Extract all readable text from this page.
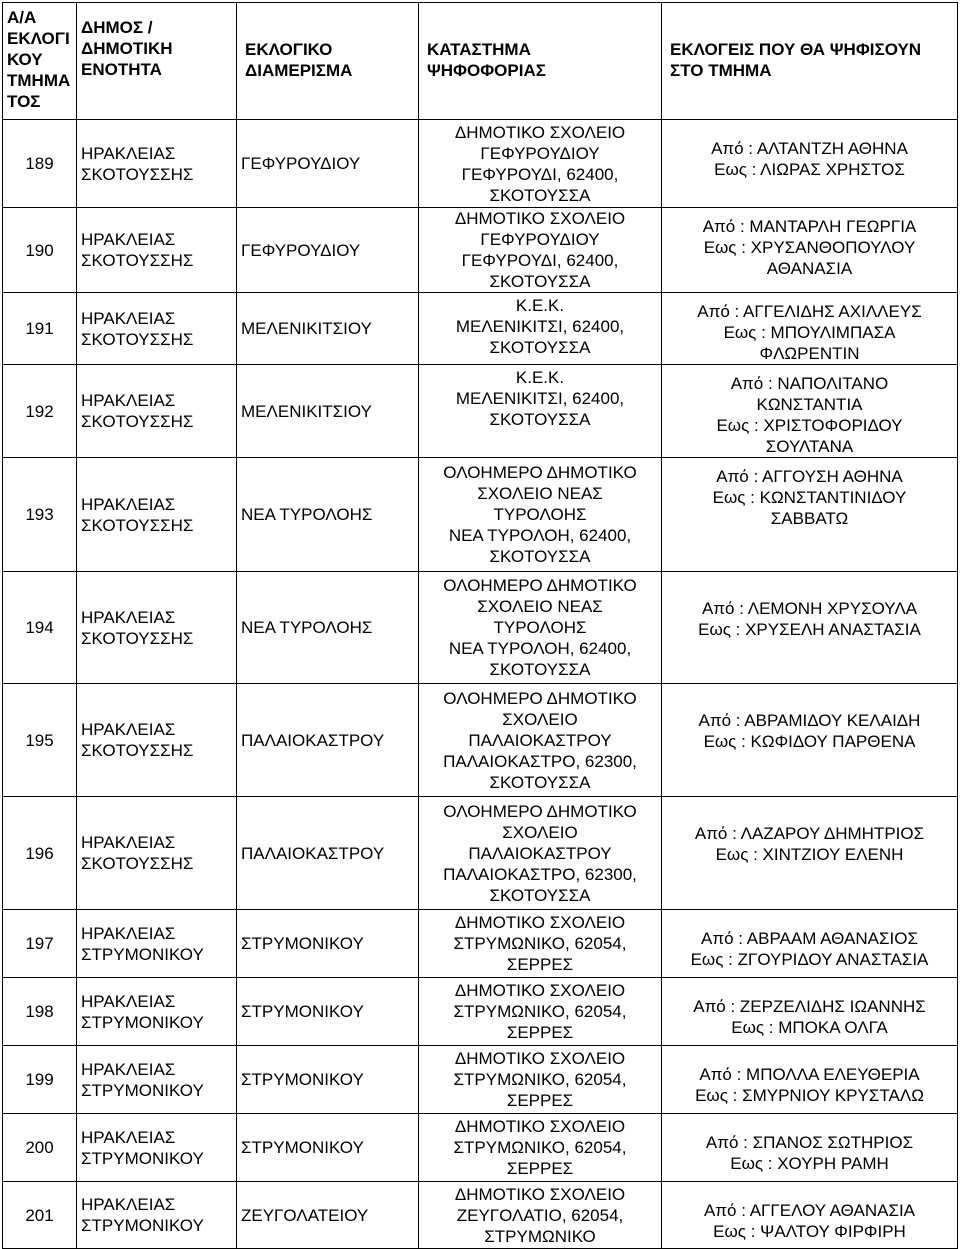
Α/Α
ΕΚΛΟΓΙ
ΚΟΥ
ΤΜΗΜΑ
ΤΟΣ	ΔΗΜΟΣ /
ΔΗΜΟΤΙΚΗ
ΕΝΟΤΗΤΑ	ΕΚΛΟΓΙΚΟ
ΔΙΑΜΕΡΙΣΜΑ	ΚΑΤΑΣΤΗΜΑ
ΨΗΦΟΦΟΡΙΑΣ	ΕΚΛΟΓΕΙΣ ΠΟΥ ΘΑ ΨΗΦΙΣΟΥΝ
ΣΤΟ ΤΜΗΜΑ

189	ΗΡΑΚΛΕΙΑΣ
ΣΚΟΤΟΥΣΣΗΣ	ΓΕΦΥΡΟΥΔΙΟΥ	ΔΗΜΟΤΙΚΟ ΣΧΟΛΕΙΟ
ΓΕΦΥΡΟΥΔΙΟΥ
ΓΕΦΥΡΟΥΔΙ, 62400,
ΣΚΟΤΟΥΣΣΑ	Από : ΑΛΤΑΝΤΖΗ ΑΘΗΝΑ
Εως : ΛΙΩΡΑΣ ΧΡΗΣΤΟΣ

190	ΗΡΑΚΛΕΙΑΣ
ΣΚΟΤΟΥΣΣΗΣ	ΓΕΦΥΡΟΥΔΙΟΥ	ΔΗΜΟΤΙΚΟ ΣΧΟΛΕΙΟ
ΓΕΦΥΡΟΥΔΙΟΥ
ΓΕΦΥΡΟΥΔΙ, 62400,
ΣΚΟΤΟΥΣΣΑ	Από : ΜΑΝΤΑΡΛΗ ΓΕΩΡΓΙΑ
Εως : ΧΡΥΣΑΝΘΟΠΟΥΛΟΥ
ΑΘΑΝΑΣΙΑ

191	ΗΡΑΚΛΕΙΑΣ
ΣΚΟΤΟΥΣΣΗΣ	ΜΕΛΕΝΙΚΙΤΣΙΟΥ	Κ.Ε.Κ.
ΜΕΛΕΝΙΚΙΤΣΙ, 62400,
ΣΚΟΤΟΥΣΣΑ	Από : ΑΓΓΕΛΙΔΗΣ ΑΧΙΛΛΕΥΣ
Εως : ΜΠΟΥΛΙΜΠΑΣΑ
ΦΛΩΡΕΝΤΙΝ

192	ΗΡΑΚΛΕΙΑΣ
ΣΚΟΤΟΥΣΣΗΣ	ΜΕΛΕΝΙΚΙΤΣΙΟΥ	Κ.Ε.Κ.
ΜΕΛΕΝΙΚΙΤΣΙ, 62400,
ΣΚΟΤΟΥΣΣΑ	Από : ΝΑΠΟΛΙΤΑΝΟ
ΚΩΝΣΤΑΝΤΙΑ
Εως : ΧΡΙΣΤΟΦΟΡΙΔΟΥ
ΣΟΥΛΤΑΝΑ

193	ΗΡΑΚΛΕΙΑΣ
ΣΚΟΤΟΥΣΣΗΣ	ΝΕΑ ΤΥΡΟΛΟΗΣ	ΟΛΟΗΜΕΡΟ ΔΗΜΟΤΙΚΟ
ΣΧΟΛΕΙΟ ΝΕΑΣ
ΤΥΡΟΛΟΗΣ
ΝΕΑ ΤΥΡΟΛΟΗ, 62400,
ΣΚΟΤΟΥΣΣΑ	Από : ΑΓΓΟΥΣΗ ΑΘΗΝΑ
Εως : ΚΩΝΣΤΑΝΤΙΝΙΔΟΥ
ΣΑΒΒΑΤΩ

194	ΗΡΑΚΛΕΙΑΣ
ΣΚΟΤΟΥΣΣΗΣ	ΝΕΑ ΤΥΡΟΛΟΗΣ	ΟΛΟΗΜΕΡΟ ΔΗΜΟΤΙΚΟ
ΣΧΟΛΕΙΟ ΝΕΑΣ
ΤΥΡΟΛΟΗΣ
ΝΕΑ ΤΥΡΟΛΟΗ, 62400,
ΣΚΟΤΟΥΣΣΑ	Από : ΛΕΜΟΝΗ ΧΡΥΣΟΥΛΑ
Εως : ΧΡΥΣΕΛΗ ΑΝΑΣΤΑΣΙΑ

195	ΗΡΑΚΛΕΙΑΣ
ΣΚΟΤΟΥΣΣΗΣ	ΠΑΛΑΙΟΚΑΣΤΡΟΥ	ΟΛΟΗΜΕΡΟ ΔΗΜΟΤΙΚΟ
ΣΧΟΛΕΙΟ
ΠΑΛΑΙΟΚΑΣΤΡΟΥ
ΠΑΛΑΙΟΚΑΣΤΡΟ, 62300,
ΣΚΟΤΟΥΣΣΑ	Από : ΑΒΡΑΜΙΔΟΥ ΚΕΛΑΙΔΗ
Εως : ΚΩΦΙΔΟΥ ΠΑΡΘΕΝΑ

196	ΗΡΑΚΛΕΙΑΣ
ΣΚΟΤΟΥΣΣΗΣ	ΠΑΛΑΙΟΚΑΣΤΡΟΥ	ΟΛΟΗΜΕΡΟ ΔΗΜΟΤΙΚΟ
ΣΧΟΛΕΙΟ
ΠΑΛΑΙΟΚΑΣΤΡΟΥ
ΠΑΛΑΙΟΚΑΣΤΡΟ, 62300,
ΣΚΟΤΟΥΣΣΑ	Από : ΛΑΖΑΡΟΥ ΔΗΜΗΤΡΙΟΣ
Εως : ΧΙΝΤΖΙΟΥ ΕΛΕΝΗ

197	ΗΡΑΚΛΕΙΑΣ
ΣΤΡΥΜΟΝΙΚΟΥ	ΣΤΡΥΜΟΝΙΚΟΥ	ΔΗΜΟΤΙΚΟ ΣΧΟΛΕΙΟ
ΣΤΡΥΜΩΝΙΚΟ, 62054,
ΣΕΡΡΕΣ	Από : ΑΒΡΑΑΜ ΑΘΑΝΑΣΙΟΣ
Εως : ΖΓΟΥΡΙΔΟΥ ΑΝΑΣΤΑΣΙΑ

198	ΗΡΑΚΛΕΙΑΣ
ΣΤΡΥΜΟΝΙΚΟΥ	ΣΤΡΥΜΟΝΙΚΟΥ	ΔΗΜΟΤΙΚΟ ΣΧΟΛΕΙΟ
ΣΤΡΥΜΩΝΙΚΟ, 62054,
ΣΕΡΡΕΣ	Από : ΖΕΡΖΕΛΙΔΗΣ ΙΩΑΝΝΗΣ
Εως : ΜΠΟΚΑ ΟΛΓΑ

199	ΗΡΑΚΛΕΙΑΣ
ΣΤΡΥΜΟΝΙΚΟΥ	ΣΤΡΥΜΟΝΙΚΟΥ	ΔΗΜΟΤΙΚΟ ΣΧΟΛΕΙΟ
ΣΤΡΥΜΩΝΙΚΟ, 62054,
ΣΕΡΡΕΣ	Από : ΜΠΟΛΛΑ ΕΛΕΥΘΕΡΙΑ
Εως : ΣΜΥΡΝΙΟΥ ΚΡΥΣΤΑΛΩ

200	ΗΡΑΚΛΕΙΑΣ
ΣΤΡΥΜΟΝΙΚΟΥ	ΣΤΡΥΜΟΝΙΚΟΥ	ΔΗΜΟΤΙΚΟ ΣΧΟΛΕΙΟ
ΣΤΡΥΜΩΝΙΚΟ, 62054,
ΣΕΡΡΕΣ	Από : ΣΠΑΝΟΣ ΣΩΤΗΡΙΟΣ
Εως : ΧΟΥΡΗ ΡΑΜΗ

201	ΗΡΑΚΛΕΙΑΣ
ΣΤΡΥΜΟΝΙΚΟΥ	ΖΕΥΓΟΛΑΤΕΙΟΥ	ΔΗΜΟΤΙΚΟ ΣΧΟΛΕΙΟ
ΖΕΥΓΟΛΑΤΙΟ, 62054,
ΣΤΡΥΜΩΝΙΚΟ	Από : ΑΓΓΕΛΟΥ ΑΘΑΝΑΣΙΑ
Εως : ΨΑΛΤΟΥ ΦΙΡΦΙΡΗ
